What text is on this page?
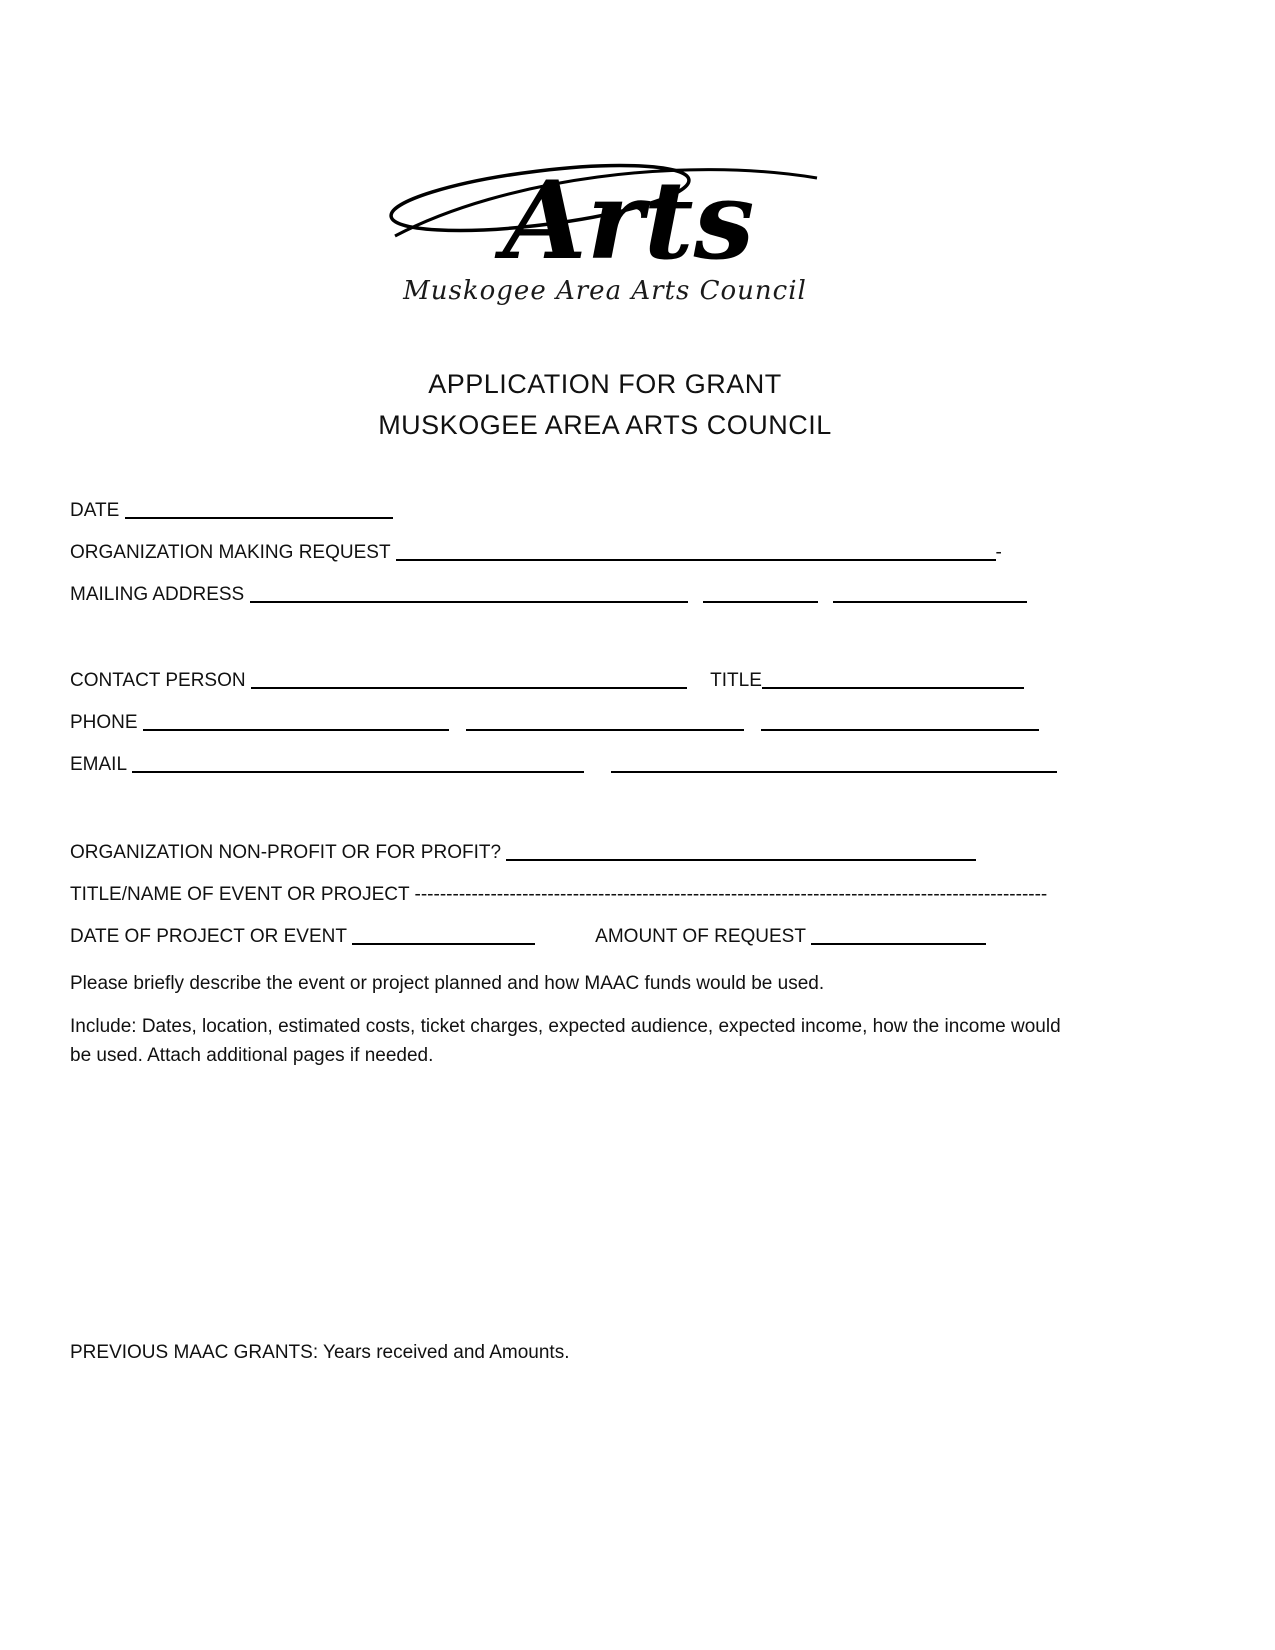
Arts
Muskogee Area Arts Council
APPLICATION FOR GRANT
MUSKOGEE AREA ARTS COUNCIL
DATE
ORGANIZATION MAKING REQUEST	-
MAILING ADDRESS
CONTACT PERSON	TITLE
PHONE
EMAIL
ORGANIZATION NON-PROFIT OR FOR PROFIT?
TITLE/NAME OF EVENT OR PROJECT ----------------------------------------------------------------------------------------------------
DATE OF PROJECT OR EVENT	AMOUNT OF REQUEST
Please briefly describe the event or project planned and how MAAC funds would be used.
Include: Dates, location, estimated costs, ticket charges, expected audience, expected income, how the income would be used. Attach additional pages if needed.
PREVIOUS MAAC GRANTS: Years received and Amounts.
